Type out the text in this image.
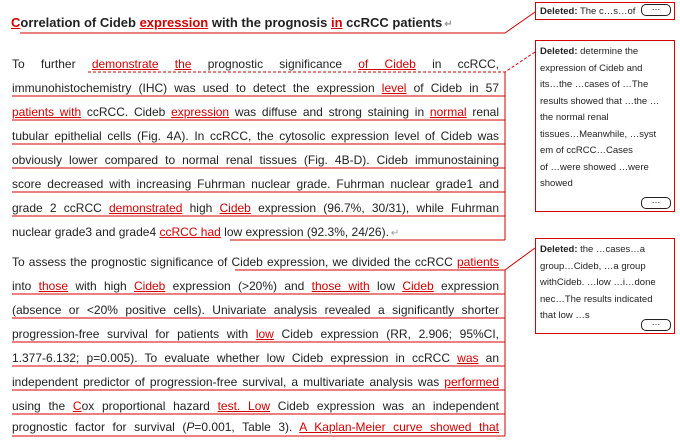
Correlation of Cideb expression with the prognosis in ccRCC patients ↵
To further demonstrate the prognostic significance of Cideb in ccRCC,
immunohistochemistry (IHC) was used to detect the expression level of Cideb in 57
patients with ccRCC. Cideb expression was diffuse and strong staining in normal renal
tubular epithelial cells (Fig. 4A). In ccRCC, the cytosolic expression level of Cideb was
obviously lower compared to normal renal tissues (Fig. 4B-D). Cideb immunostaining
score decreased with increasing Fuhrman nuclear grade. Fuhrman nuclear grade1 and
grade 2 ccRCC demonstrated high Cideb expression (96.7%, 30/31), while Fuhrman
nuclear grade3 and grade4 ccRCC had low expression (92.3%, 24/26). ↵
To assess the prognostic significance of Cideb expression, we divided the ccRCC patients
into those with high Cideb expression (>20%) and those with low Cideb expression
(absence or <20% positive cells). Univariate analysis revealed a significantly shorter
progression-free survival for patients with low Cideb expression (RR, 2.906; 95%CI,
1.377-6.132; p=0.005). To evaluate whether low Cideb expression in ccRCC was an
independent predictor of progression-free survival, a multivariate analysis was performed
using the Cox proportional hazard test. Low Cideb expression was an independent
prognostic factor for survival (P=0.001, Table 3). A Kaplan-Meier curve showed that
Deleted: The c…s…of	…
Deleted: determine the
expression of Cideb and
its…the …cases of …The
results showed that …the …
the normal renal
tissues…Meanwhile, …syst
em of ccRCC…Cases
of …were showed …were
showed
…
Deleted: the …cases…a
group…Cideb, …a group
withCideb. …low …i…done
nec…The results indicated
that low …s
…
